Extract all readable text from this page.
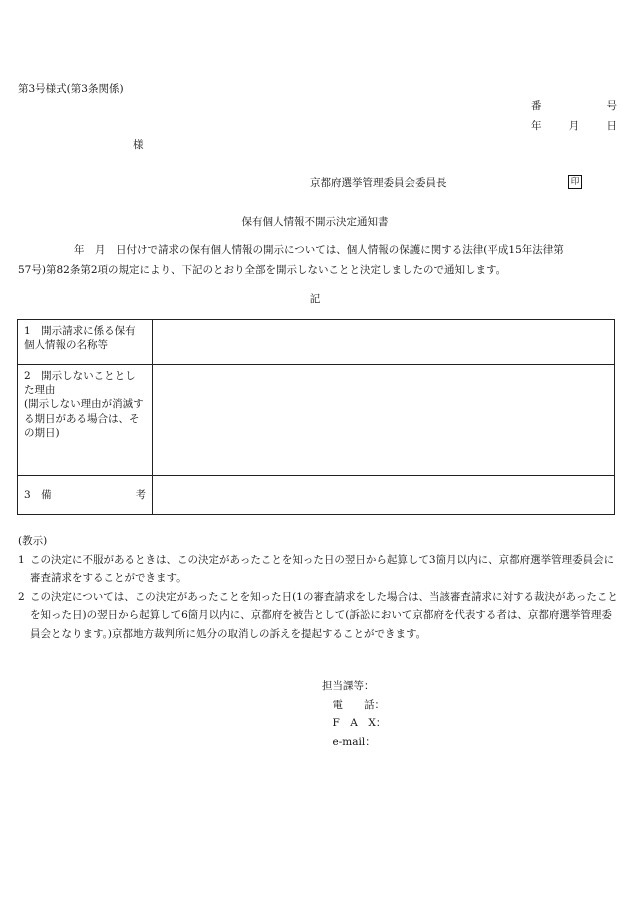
第3号様式(第3条関係)
番	号
年	月	日
様
京都府選挙管理委員会委員長	印
保有個人情報不開示決定通知書
年　月　日付けで請求の保有個人情報の開示については、個人情報の保護に関する法律(平成15年法律第
57号)第82条第2項の規定により、下記のとおり全部を開示しないことと決定しましたので通知します。
記
1　開示請求に係る保有個人情報の名称等	
2　開示しないこととした理由
(開示しない理由が消滅する期日がある場合は、その期日)	

3　備 考	

(教示)
1 この決定に不服があるときは、この決定があったことを知った日の翌日から起算して3箇月以内に、京都府選挙管理委員会に審査請求をすることができます。
2 この決定については、この決定があったことを知った日(1の審査請求をした場合は、当該審査請求に対する裁決があったことを知った日)の翌日から起算して6箇月以内に、京都府を被告として(訴訟において京都府を代表する者は、京都府選挙管理委員会となります。)京都地方裁判所に処分の取消しの訴えを提起することができます。
担当課等：
　電　　話：
　F　A　X：
　e-mail：
